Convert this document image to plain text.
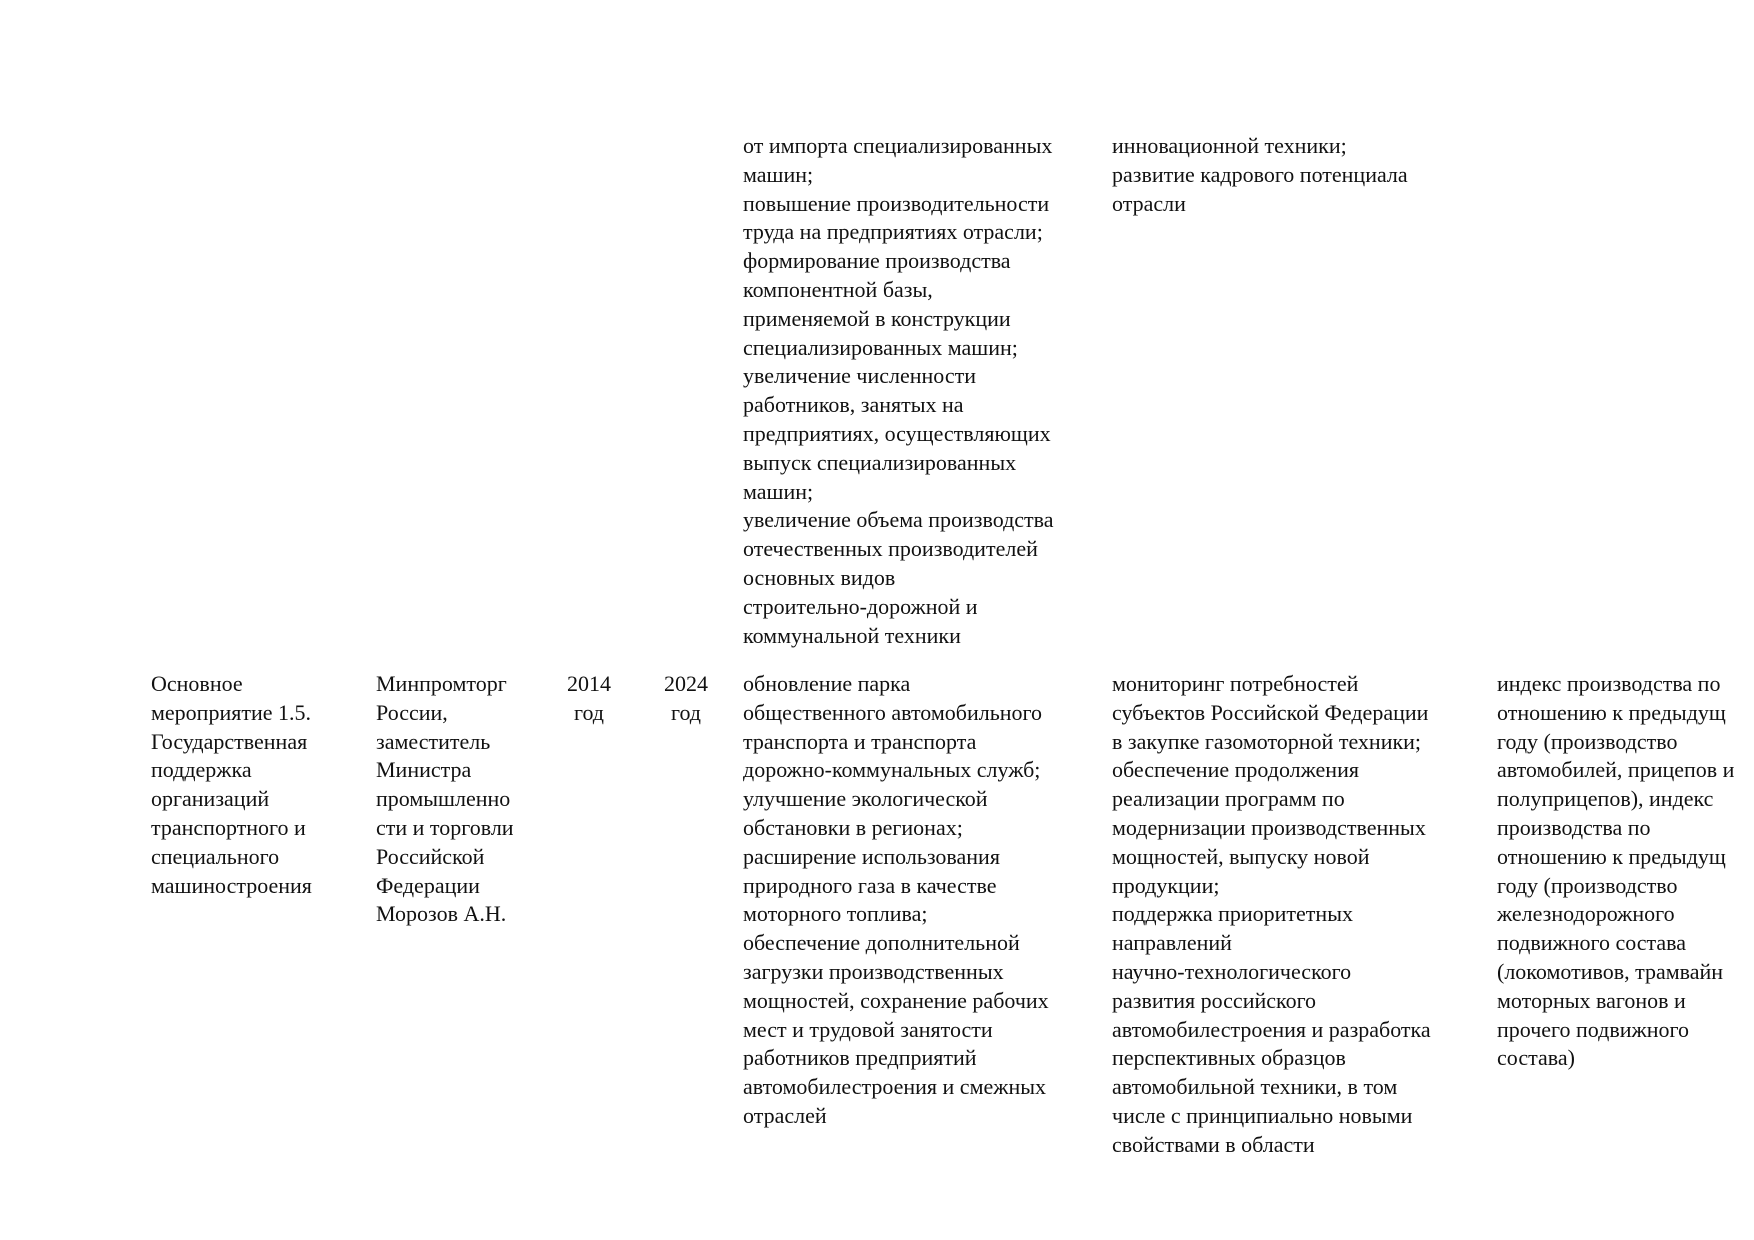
от импорта специализированных
машин;
повышение производительности
труда на предприятиях отрасли;
формирование производства
компонентной базы,
применяемой в конструкции
специализированных машин;
увеличение численности
работников, занятых на
предприятиях, осуществляющих
выпуск специализированных
машин;
увеличение объема производства
отечественных производителей
основных видов
строительно-дорожной и
коммунальной техники

инновационной техники;
развитие кадрового потенциала
отрасли

Основное
мероприятие 1.5.
Государственная
поддержка
организаций
транспортного и
специального
машиностроения

Минпромторг
России,
заместитель
Министра
промышленно
сти и торговли
Российской
Федерации
Морозов А.Н.

2014
год

2024
год

обновление парка
общественного автомобильного
транспорта и транспорта
дорожно-коммунальных служб;
улучшение экологической
обстановки в регионах;
расширение использования
природного газа в качестве
моторного топлива;
обеспечение дополнительной
загрузки производственных
мощностей, сохранение рабочих
мест и трудовой занятости
работников предприятий
автомобилестроения и смежных
отраслей

мониторинг потребностей
субъектов Российской Федерации
в закупке газомоторной техники;
обеспечение продолжения
реализации программ по
модернизации производственных
мощностей, выпуску новой
продукции;
поддержка приоритетных
направлений
научно-технологического
развития российского
автомобилестроения и разработка
перспективных образцов
автомобильной техники, в том
числе с принципиально новыми
свойствами в области

индекс производства по
отношению к предыдущ
году (производство
автомобилей, прицепов и
полуприцепов), индекс
производства по
отношению к предыдущ
году (производство
железнодорожного
подвижного состава
(локомотивов, трамвайн
моторных вагонов и
прочего подвижного
состава)
